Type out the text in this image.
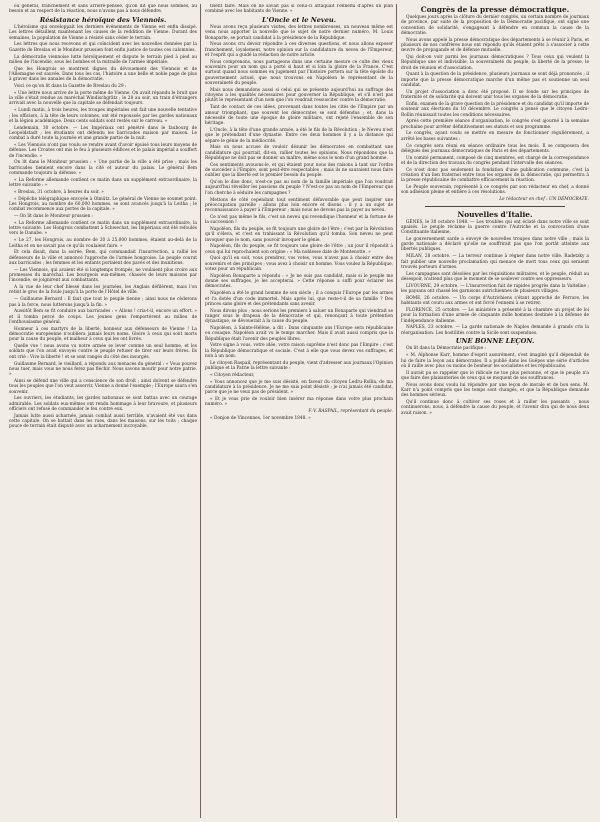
ou général, franchement et sans arrière-pensée, qu'on dit que nous sommes, au besoin et au respect de la réaction, nous n'avons pas à nous défendre.

Résistance héroïque des Viennois.

L'héroïsme qui enveloppait les derniers événements de Vienne est enfin dissipé. Les lettres détaillent maintenant les causes de la reddition de Vienne. Durant des semaines, la population de Vienne a résisté sans céder le terrain.

Les lettres que nous recevons et qui coïncident avec les nouvelles données par la Gazette de Breslau et le Moniteur prussien font enfin justice de toutes ces calomnies.

La démocratie viennoise lutte héroïquement et dispute le terrain pied à pied au milieu de l'incendie, sous les bombes et la mitraille de l'armée impériale.

Que les Hongrois se montrent dignes du dévouement des Viennois et de l'Allemagne est sauvée. Dans tous les cas, l'histoire a une belle et noble page de plus à graver dans les annales de la démocratie.

Voici ce qu'on lit dans la Gazette de Breslau du 29 :

« Une lettre nous arrive de la porte même de Vienne. On avait répandu le bruit que la ville s'était rendue au maréchal Windischgrätz ; le 28 au soir, un train d'étrangers arrivait avec la nouvelle que la capitale se défendait toujours.

« Lundi matin, à trois heures, les troupes impériales ont fait une nouvelle tentative ; les officiers, à la tête de leurs colonnes, ont été repoussés par les gardes nationaux et la légion académique. Deux cents soldats sont restés sur le carreau. »

Lendemain, 30 octobre. — Les Impériaux ont pénétré dans le faubourg de Leopoldstadt ; les étudiants ont défendu les barricades maison par maison. Le combat a duré toute la journée et une grande partie de la nuit.

« Les Viennois n'ont pas voulu se rendre avant d'avoir épuisé tous leurs moyens de défense. Les Croates ont mis le feu à plusieurs édifices et le palais impérial a souffert de l'incendie. »

On lit dans le Moniteur prussien : « Une partie de la ville a été prise ; mais les barricades tiennent encore dans la cité et autour du palais. Le général Bem commande toujours la défense. »

« La Reforme allemande contient ce matin dans un supplément extraordinaire, la lettre suivante : »

« Breslau, 31 octobre, à heures du soir. »

« Dépêche télégraphique envoyée à Olmütz. Le général de Vienne ne soumet point. Les Hongrois, au nombre de 60,000 hommes, se sont avancés jusqu'à la Leitha ; le combat recommence aux portes de la capitale. »

— On lit dans le Moniteur prussien :

« La Reforme allemande contient ce matin dans un supplément extraordinaire, la lettre suivante. Les Hongrois combattent à Schwechat, les Impériaux ont été refoulés vers le Danube. »

« Le 27, les Hongrois, au nombre de 20 à 25,000 hommes, étaient au-delà de la Leitha et on ne savait pas ce qu'ils voulaient faire. »

Et cela disait, dans la soirée, Bem, qui commandait l'insurrection, a rallié les défenseurs de la ville et annoncé l'approche de l'armée hongroise. Le peuple courut aux barricades ; les femmes et les enfants portaient des pavés et des munitions.

— Les Viennois, qui avaient été si longtemps trompés, ne voulaient plus croire aux promesses du maréchal. Les bourgeois eux-mêmes, chassés de leurs maisons par l'incendie, se joignirent aux combattants.

A la vue de leur chef blessé dans les journées, les Anglais défilèrent, mais l'on retint le gros de la foule jusqu'à la porte de l'Hôtel de ville.

— Guillaume Bernard : Il faut que tout le peuple tienne ; ainsi nous ne cèderons pas à la force, nous lutterons jusqu'à la fin. »

Aussitôt Bem se fit conduire aux barricades : « Allons ! cria-t-il, encore un effort. » et il tomba percé de coups. Les jeunes gens l'emportèrent au milieu de l'enthousiasme général.

Honneur à ces martyrs de la liberté, honneur aux défenseurs de Vienne ! La démocratie européenne n'oubliera jamais leurs noms. Gloire à ceux qui sont morts pour la cause du peuple, et malheur à ceux qui les ont livrés.

Quelle vue ! nous avons vu notre armée se lever comme un seul homme, et les soldats que l'on avait envoyés contre le peuple refuser de tirer sur leurs frères. Ils ont crié : Vive la liberté ! et se sont rangés du côté des insurgés.

Guillaume Bernard, le vieillard, a répondu aux menaces du général : « Vous pouvez nous tuer, mais vous ne nous ferez pas fléchir. Nous savons mourir pour notre patrie. »

Ainsi se défend une ville qui a conscience de son droit ; ainsi doivent se défendre tous les peuples que l'on veut asservir. Vienne a donné l'exemple ; l'Europe saura s'en souvenir.

Les ouvriers, les étudiants, les gardes nationaux se sont battus avec un courage admirable. Les soldats eux-mêmes ont rendu hommage à leur bravoure, et plusieurs officiers ont refusé de commander le feu contre eux.

Jamais lutte aussi acharnée, jamais combat aussi terrible, n'avaient été vus dans cette capitale. On se battait dans les rues, dans les maisons, sur les toits ; chaque pouce de terrain était disputé avec un acharnement incroyable.

tisent faire. Mais on ne savait pas si celui-ci attaquait l'ennemi d'après un plan combiné avec les habitants de Vienne. »

L'Oncle et le Neveu.

Nous avons reçu plusieurs visites, des lettres nombreuses, un nouveau même est venu nous apporter la nouvelle que le sujet de notre dernier numéro, M. Louis Bonaparte, se portait candidat à la présidence de la République.

Nous avons cru devoir répondre à ces diverses questions, et nous allons exposer franchement, loyalement, notre opinion sur la candidature du neveu de l'Empereur, et l'esprit qui a guidé la rédaction de notre article.

Nous comprenons, nous partageons dans une certaine mesure ce culte des vieux souvenirs pour un nom qui a porté si haut et si loin la gloire de la France. C'est surtout quand nous sommes en jugement par l'histoire portera sur la tête égoïste du gouvernement actuel, que nous trouvons en Napoléon le représentant de la souveraineté du peuple.

Mais nous demandons aussi si celui qui se présente aujourd'hui au suffrage des citoyens a les qualités nécessaires pour gouverner la République, et s'il n'est pas plutôt le représentant d'un nom que l'on voudrait ressusciter contre la démocratie.

Tant de contact de ces idées, provenant dans toutes les cités de l'Empire par un amour triomphant, que souvent les démocrates se sont défendus ; et, dans la nécessité de toute une époque de gloire militaire, ont rejeté l'ensemble de son héritage.

L'Oncle, à la tête d'une grande armée, a été le fils de la Révolution ; le Neveu n'est que le prétendant d'une dynastie. Entre ces deux hommes il y a la distance qui sépare le génie de la médiocrité.

Mais on nous accuse de vouloir désunir les démocrates en combattant une candidature qui pourrait, dit-on, rallier toutes les opinions. Nous répondons que la République ne doit pas se donner un maître, même sous le nom d'un grand homme.

Ces sentiments avouons-le, et qui étaient pour nous des raisons à tant sur l'ordre de succéder à l'Empire, sont peut-être respectables ; mais ils ne sauraient nous faire oublier que la liberté est le premier besoin du peuple.

Qu'on le dise donc, n'est-ce pas au nom de la famille impériale que l'on voudrait aujourd'hui réveiller les passions du peuple ? N'est-ce pas au nom de l'Empereur que l'on cherche à séduire les campagnes ?

Mettons de côté cependant tout sentiment défavorable que peut inspirer une préoccupation pareille ; allons plus loin encore et disons : il y a un sujet de reconnaissance à payer à l'Empereur ; mais nous ne devons pas la payer au neveu.

Ce n'est pas même le fils, c'est un neveu qui revendique l'honneur et la fortune de la succession !

Napoléon, fils du peuple, se fit toujours une gloire de l'être ; c'est par la Révolution qu'il s'éleva, et c'est en trahissant la Révolution qu'il tomba. Son neveu ne peut invoquer que le nom, sans pouvoir invoquer le génie.

Napoléon, fils du peuple, se fit toujours une gloire de l'être ; un jour il répondit à ceux qui lui reprochaient son origine : « Ma noblesse date de Montenotte. »

Quoi qu'il en soit, vous prendrez, vos votes, vous n'avez pas à choisir entre des souvenirs et des principes ; vous avez à choisir un homme. Vous voulez la République, votez pour un républicain.

Napoléon Bonaparte a répondu : « Je ne suis pas candidat, mais si le peuple me donne ses suffrages, je les accepterai. » Cette réponse a suffi pour éclairer les démocrates.

Napoléon a été le grand homme de son siècle ; il a conquis l'Europe par les armes et l'a dotée d'un code immortel. Mais après lui, que reste-t-il de sa famille ? Des princes sans gloire et des prétendants sans avenir.

Nous dirons plus ; nous serions les premiers à saluer un Bonaparte qui viendrait se ranger sous le drapeau de la démocratie et qui, renonçant à toute prétention dynastique, se dévouerait à la cause du peuple.

Napoléon, à Sainte-Hélène, a dit : Dans cinquante ans l'Europe sera républicaine ou cosaque. Napoléon avait vu le temps marcher. Mais il avait aussi compris que la République était l'avenir des peuples libres.

Votre signe à vous, votre idée, votre raison suprême n'est donc pas l'Empire ; c'est la République démocratique et sociale. C'est à elle que vous devez vos suffrages, et non à un nom.

Le citoyen Raspail, représentant du peuple, vient d'adresser aux journaux l'Opinion publique et la Patrie la lettre suivante :

« Citoyen rédacteur,

« Vous annoncez que je me suis désisté, en faveur du citoyen Ledru-Rollin, de ma candidature à la présidence. Je ne me suis point désisté ; je n'ai jamais été candidat, parce que je ne veux pas de président. »

« Et je vous prie de vouloir bien insérer ma réponse dans votre plus prochain numéro. »

F.-V. RASPAIL, représentant du peuple.

« Donjon de Vincennes, 1er novembre 1848. »

Congrès de la presse démocratique.

Quelques jours après la clôture du dernier congrès, un certain nombre de journaux de province, par suite de la proposition de la Démocratie pacifique, ont signé une convention de solidarité, s'engageant à défendre en commun la cause de la démocratie.

Nous avons appelé la presse démocratique des départements à se réunir à Paris, et plusieurs de nos confrères nous ont répondu qu'ils étaient prêts à s'associer à cette œuvre de propagande et de défense mutuelle.

Qui doit-on voir parmi les journaux démocratiques ? Tous ceux qui veulent la République une et indivisible, la souveraineté du peuple, la liberté de la presse, le droit de réunion et d'association.

Quant à la question de la présidence, plusieurs journaux se sont déjà prononcés ; il importe que la presse démocratique marche d'un même pas et soutienne un seul candidat.

Un projet d'association a donc été proposé. Il se fonde sur les principes de fraternité et de solidarité qui doivent unir tous les organes de la démocratie.

Enfin, examen de la grave question de la présidence et du candidat qu'il importe de soutenir aux élections du 10 décembre. Le congrès a pensé que le citoyen Ledru-Rollin réunissait toutes les conditions nécessaires.

Après cette première séance d'organisation, le congrès s'est ajourné à la semaine prochaine pour arrêter définitivement ses statuts et son programme.

Le congrès, ayant voulu se mettre en mesure de fonctionner régulièrement, a arrêté les bases suivantes :

Ce congrès sera réuni en séance ordinaire tous les mois. Il se composera des délégués des journaux démocratiques de Paris et des départements.

Un comité permanent, composé de cinq membres, est chargé de la correspondance et de la direction des travaux du congrès pendant l'intervalle des séances.

Ce n'est donc pas seulement la fondation d'une publication commune, c'est la création d'un lien fraternel entre tous les organes de la démocratie, qui permettra à la presse républicaine de combattre efficacement la réaction.

Le Peuple souverain, représenté à ce congrès par son rédacteur en chef, a donné son adhésion pleine et entière à ces résolutions.

Le rédacteur en chef : UN DÉMOCRATE.

Nouvelles d'Italie.

GÊNES, le 30 octobre 1848. — Les troubles qui ont éclaté dans notre ville se sont apaisés. Le peuple réclame la guerre contre l'Autriche et la convocation d'une Constituante italienne.

Le gouvernement sarde a envoyé de nouvelles troupes dans notre ville ; mais la garde nationale a déclaré qu'elle ne souffrirait pas que l'on portât atteinte aux libertés publiques.

MILAN, 28 octobre. — La terreur continue à régner dans notre ville. Radetzky a fait publier une nouvelle proclamation qui menace de mort tous ceux qui seraient trouvés porteurs d'armes.

Les campagnes sont désolées par les réquisitions militaires, et le peuple, réduit au désespoir, n'attend plus que le moment de se soulever contre ses oppresseurs.

LIVOURNE, 29 octobre. — L'insurrection fait de rapides progrès dans la Valteline ; les paysans ont chassé les garnisons autrichiennes de plusieurs villages.

ROME, 26 octobre. — Un corps d'Autrichiens s'étant approché de Ferrare, les habitants ont couru aux armes et ont forcé l'ennemi à se retirer.

FLORENCE, 25 octobre. — Le ministère a présenté à la chambre un projet de loi pour la formation d'une armée de cinquante mille hommes destinée à la défense de l'indépendance italienne.

NAPLES, 23 octobre. — La garde nationale de Naples demande à grands cris la réorganisation. Les hostilités contre la Sicile sont suspendues.

UNE BONNE LEÇON.

On lit dans la Démocratie pacifique :

« M. Alphonse Karr, homme d'esprit assurément, s'est imaginé qu'il dépendait de lui de faire la leçon aux démocrates. Il a publié dans les Guêpes une série d'articles où il raille avec plus ou moins de bonheur les socialistes et les républicains.

Il aurait pu se rappeler que le ridicule ne tue plus personne, et que le peuple n'a que faire des plaisanteries de ceux qui se moquent de ses souffrances.

Nous avons donc voulu lui répondre par une leçon de morale et de bon sens. M. Karr n'a point compris que les temps sont changés, et que la République demande des hommes sérieux.

Qu'il continue donc à cultiver ses roses et à railler les passants ; nous continuerons, nous, à défendre la cause du peuple, et l'avenir dira qui de nous deux avait raison. »
